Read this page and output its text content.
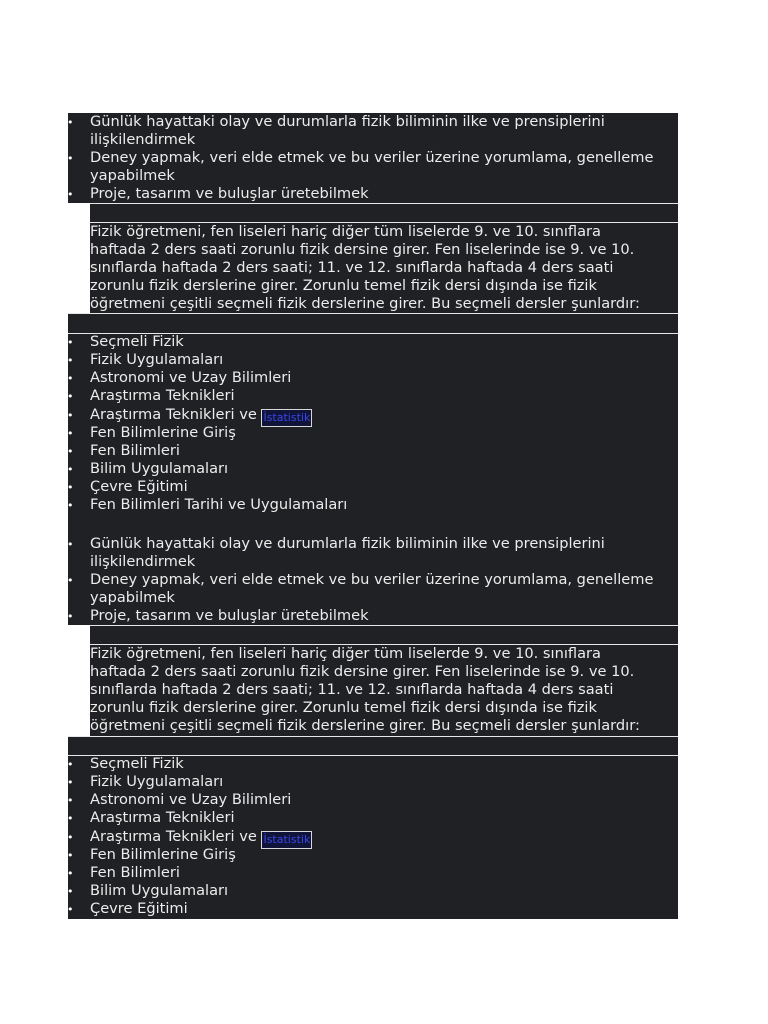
• Günlük hayattaki olay ve durumlarla fizik biliminin ilke ve prensiplerini
ilişkilendirmek
• Deney yapmak, veri elde etmek ve bu veriler üzerine yorumlama, genelleme
yapabilmek
• Proje, tasarım ve buluşlar üretebilmek
Fizik öğretmeni, fen liseleri hariç diğer tüm liselerde 9. ve 10. sınıflara
haftada 2 ders saati zorunlu fizik dersine girer. Fen liselerinde ise 9. ve 10.
sınıflarda haftada 2 ders saati; 11. ve 12. sınıflarda haftada 4 ders saati
zorunlu fizik derslerine girer. Zorunlu temel fizik dersi dışında ise fizik
öğretmeni çeşitli seçmeli fizik derslerine girer. Bu seçmeli dersler şunlardır:
• Seçmeli Fizik
• Fizik Uygulamaları
• Astronomi ve Uzay Bilimleri
• Araştırma Teknikleri
• Araştırma Teknikleri ve İstatistik
• Fen Bilimlerine Giriş
• Fen Bilimleri
• Bilim Uygulamaları
• Çevre Eğitimi
• Fen Bilimleri Tarihi ve Uygulamaları
• Günlük hayattaki olay ve durumlarla fizik biliminin ilke ve prensiplerini
ilişkilendirmek
• Deney yapmak, veri elde etmek ve bu veriler üzerine yorumlama, genelleme
yapabilmek
• Proje, tasarım ve buluşlar üretebilmek
Fizik öğretmeni, fen liseleri hariç diğer tüm liselerde 9. ve 10. sınıflara
haftada 2 ders saati zorunlu fizik dersine girer. Fen liselerinde ise 9. ve 10.
sınıflarda haftada 2 ders saati; 11. ve 12. sınıflarda haftada 4 ders saati
zorunlu fizik derslerine girer. Zorunlu temel fizik dersi dışında ise fizik
öğretmeni çeşitli seçmeli fizik derslerine girer. Bu seçmeli dersler şunlardır:
• Seçmeli Fizik
• Fizik Uygulamaları
• Astronomi ve Uzay Bilimleri
• Araştırma Teknikleri
• Araştırma Teknikleri ve İstatistik
• Fen Bilimlerine Giriş
• Fen Bilimleri
• Bilim Uygulamaları
• Çevre Eğitimi
